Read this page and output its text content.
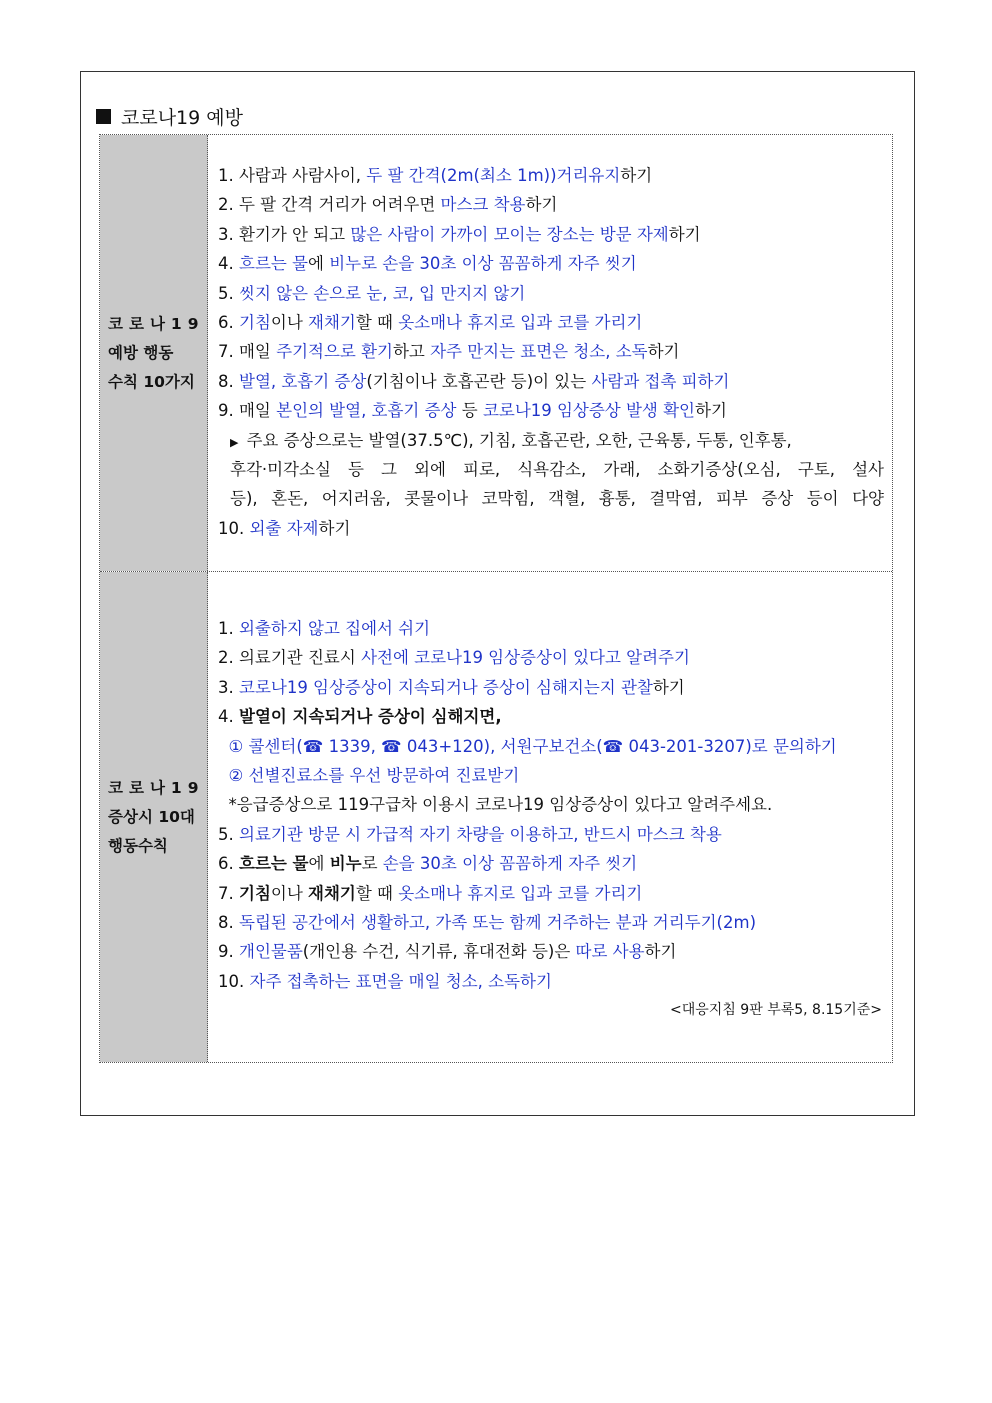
코로나19 예방
코로나19
예방 행동
수칙 10가지
1. 사람과 사람사이, 두 팔 간격(2m(최소 1m))거리유지하기
2. 두 팔 간격 거리가 어려우면 마스크 착용하기
3. 환기가 안 되고 많은 사람이 가까이 모이는 장소는 방문 자제하기
4. 흐르는 물에 비누로 손을 30초 이상 꼼꼼하게 자주 씻기
5. 씻지 않은 손으로 눈, 코, 입 만지지 않기
6. 기침이나 재채기할 때 옷소매나 휴지로 입과 코를 가리기
7. 매일 주기적으로 환기하고 자주 만지는 표면은 청소, 소독하기
8. 발열, 호흡기 증상(기침이나 호흡곤란 등)이 있는 사람과 접촉 피하기
9. 매일 본인의 발열, 호흡기 증상 등 코로나19 임상증상 발생 확인하기
▶ 주요 증상으로는 발열(37.5℃), 기침, 호흡곤란, 오한, 근육통, 두통, 인후통,
후각·미각소실 등 그 외에 피로, 식욕감소, 가래, 소화기증상(오심, 구토, 설사
등), 혼돈, 어지러움, 콧물이나 코막힘, 객혈, 흉통, 결막염, 피부 증상 등이 다양
10. 외출 자제하기
코로나19
증상시 10대
행동수칙
1. 외출하지 않고 집에서 쉬기
2. 의료기관 진료시 사전에 코로나19 임상증상이 있다고 알려주기
3. 코로나19 임상증상이 지속되거나 증상이 심해지는지 관찰하기
4. 발열이 지속되거나 증상이 심해지면,
① 콜센터(☎ 1339, ☎ 043+120), 서원구보건소(☎ 043-201-3207)로 문의하기
② 선별진료소를 우선 방문하여 진료받기
*응급증상으로 119구급차 이용시 코로나19 임상증상이 있다고 알려주세요.
5. 의료기관 방문 시 가급적 자기 차량을 이용하고, 반드시 마스크 착용
6. 흐르는 물에 비누로 손을 30초 이상 꼼꼼하게 자주 씻기
7. 기침이나 재채기할 때 옷소매나 휴지로 입과 코를 가리기
8. 독립된 공간에서 생활하고, 가족 또는 함께 거주하는 분과 거리두기(2m)
9. 개인물품(개인용 수건, 식기류, 휴대전화 등)은 따로 사용하기
10. 자주 접촉하는 표면을 매일 청소, 소독하기
<대응지침 9판 부록5, 8.15기준>
